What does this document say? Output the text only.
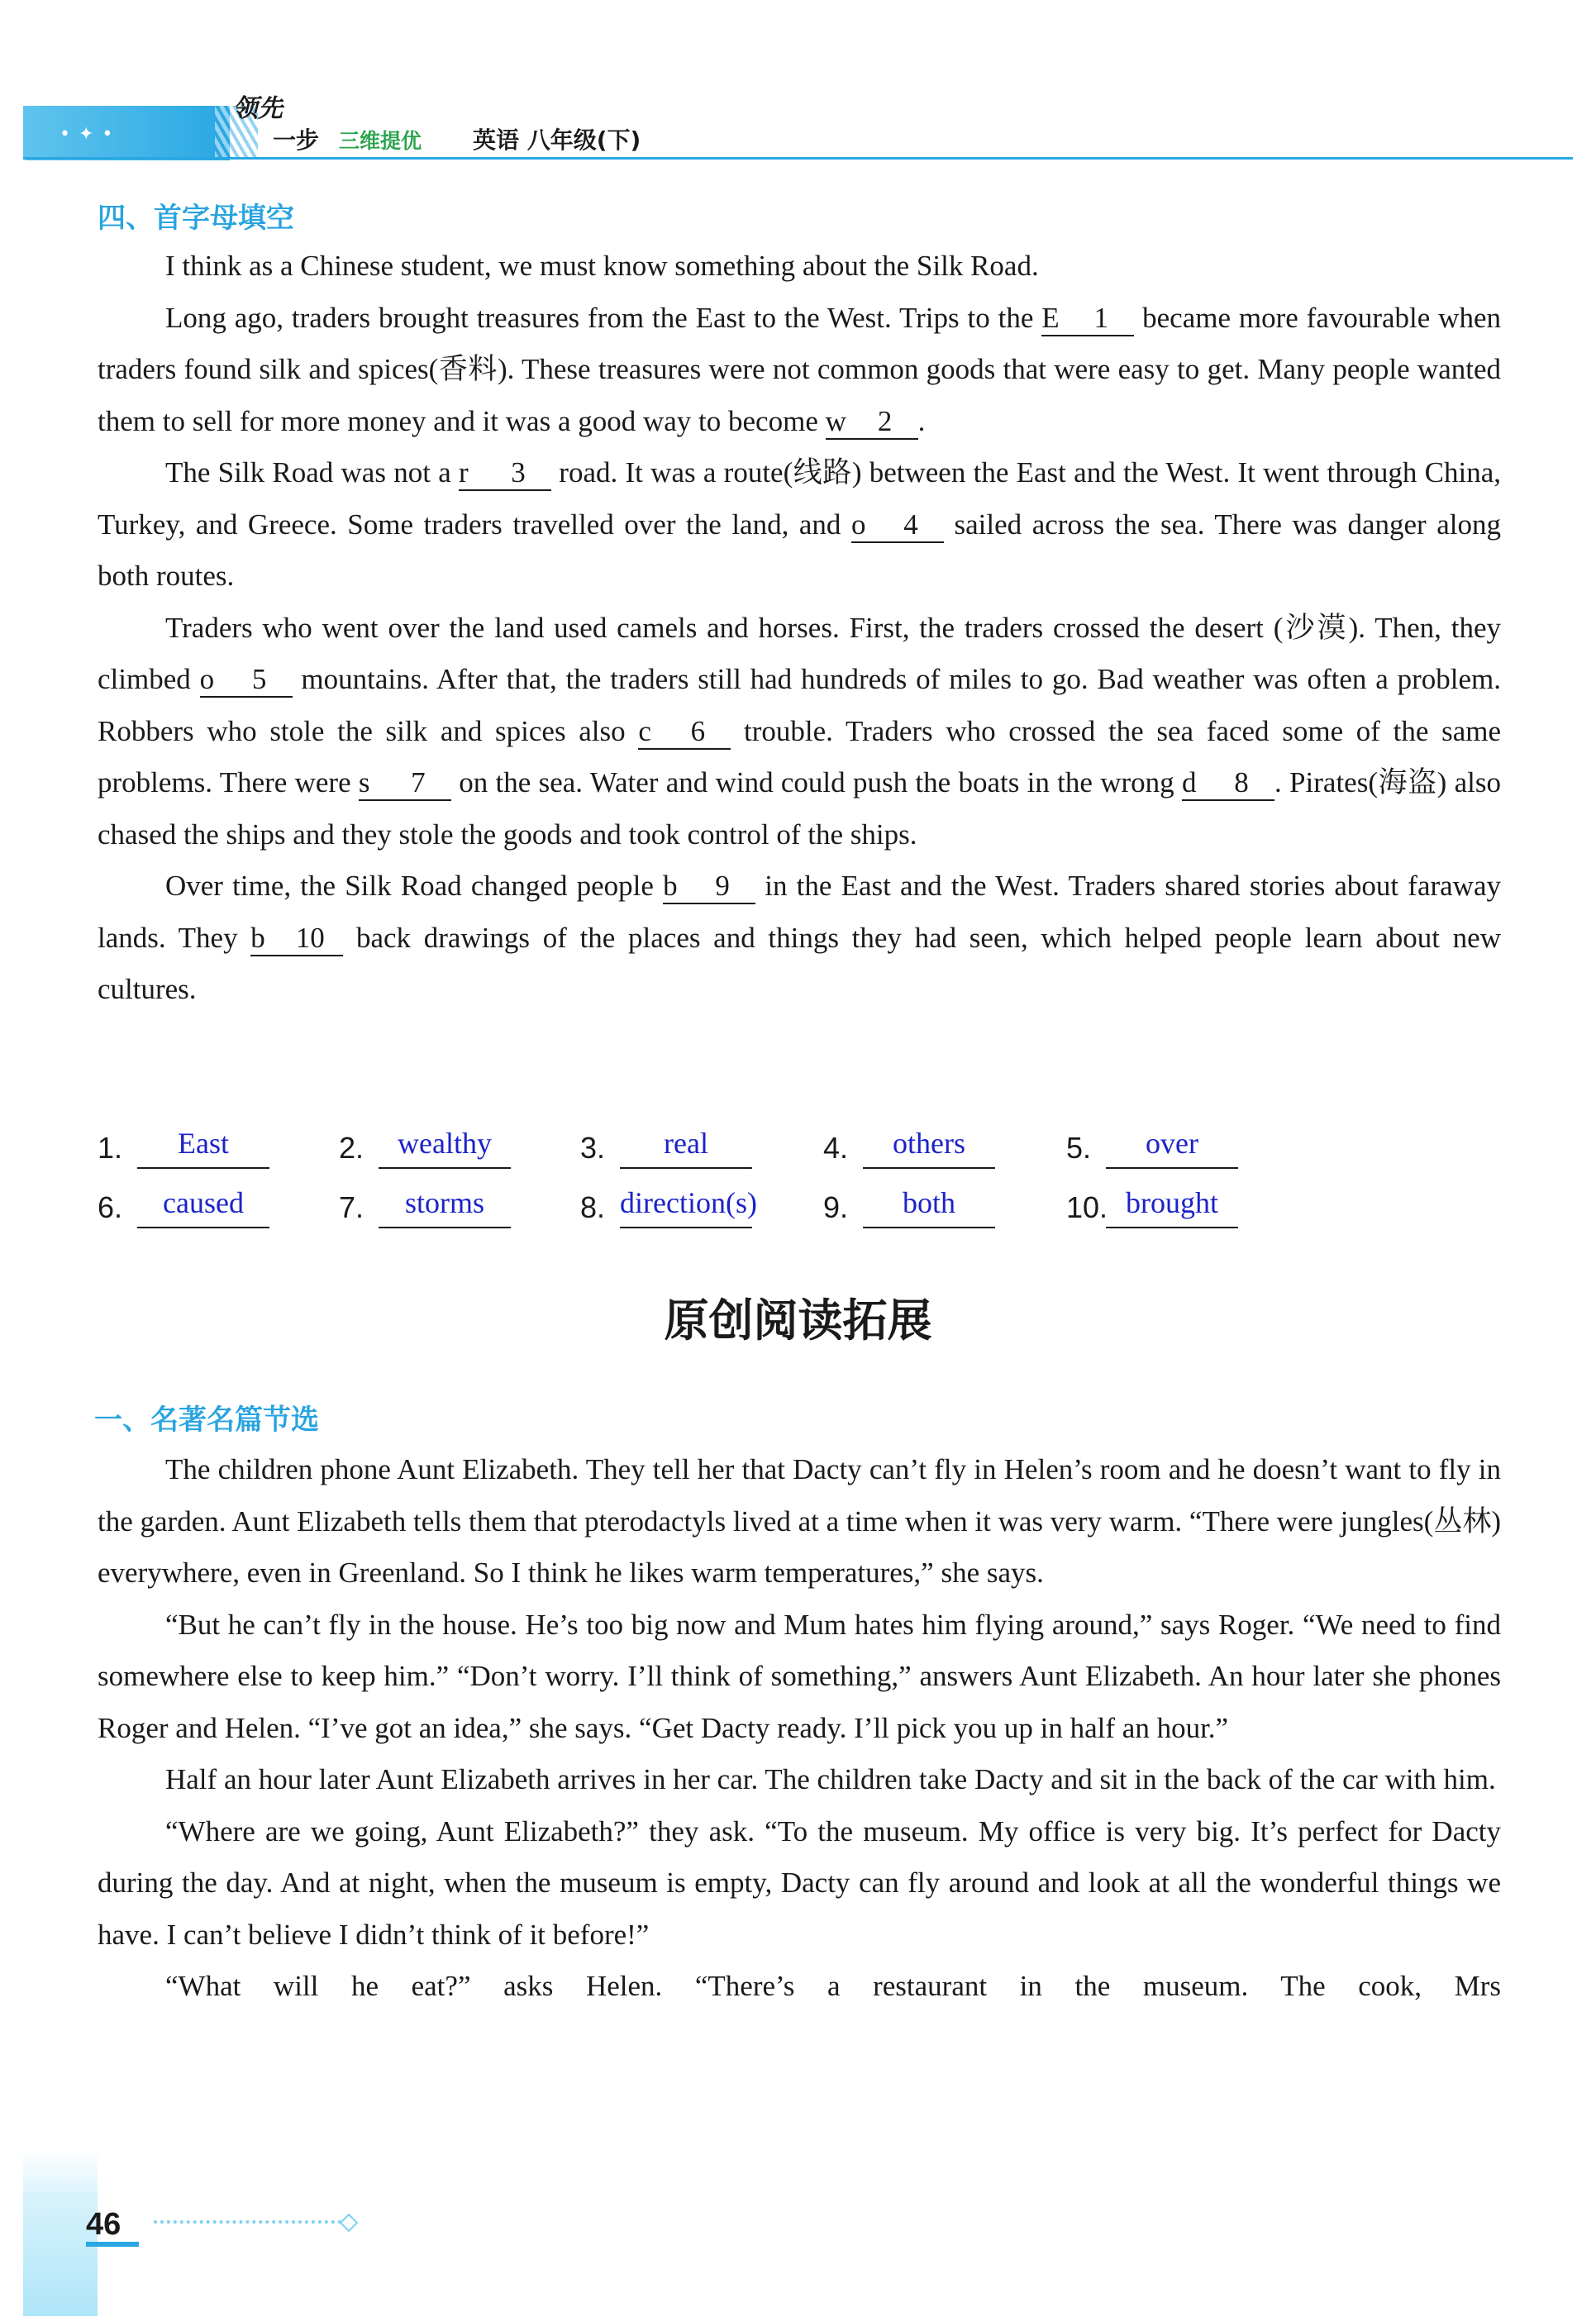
•✦•
领先
一步 三维提优 英语 八年级(下)
四、首字母填空

I think as a Chinese student, we must know something about the Silk Road.

Long ago, traders brought treasures from the East to the West. Trips to the E 1 became more favourable when traders found silk and spices(香料). These treasures were not common goods that were easy to get. Many people wanted them to sell for more money and it was a good way to become w 2 .

The Silk Road was not a r 3 road. It was a route(线路) between the East and the West. It went through China, Turkey, and Greece. Some traders travelled over the land, and o 4 sailed across the sea. There was danger along both routes.

Traders who went over the land used camels and horses. First, the traders crossed the desert (沙漠). Then, they climbed o 5 mountains. After that, the traders still had hundreds of miles to go. Bad weather was often a problem. Robbers who stole the silk and spices also c 6 trouble. Traders who crossed the sea faced some of the same problems. There were s 7 on the sea. Water and wind could push the boats in the wrong d 8 . Pirates(海盗) also chased the ships and they stole the goods and took control of the ships.

Over time, the Silk Road changed people b 9 in the East and the West. Traders shared stories about faraway lands. They b 10 back drawings of the places and things they had seen, which helped people learn about new cultures.

1.	East	2.	wealthy	3.	real	4.	others	5.	over
6.	caused	7.	storms	8. direction(s) 9.	both	10. brought
原创阅读拓展
一、名著名篇节选

The children phone Aunt Elizabeth. They tell her that Dacty can’t fly in Helen’s room and he doesn’t want to fly in the garden. Aunt Elizabeth tells them that pterodactyls lived at a time when it was very warm. “There were jungles(丛林) everywhere, even in Greenland. So I think he likes warm temperatures,” she says.

“But he can’t fly in the house. He’s too big now and Mum hates him flying around,” says Roger. “We need to find somewhere else to keep him.” “Don’t worry. I’ll think of something,” answers Aunt Elizabeth. An hour later she phones Roger and Helen. “I’ve got an idea,” she says. “Get Dacty ready. I’ll pick you up in half an hour.”

Half an hour later Aunt Elizabeth arrives in her car. The children take Dacty and sit in the back of the car with him.

“Where are we going, Aunt Elizabeth?” they ask. “To the museum. My office is very big. It’s perfect for Dacty during the day. And at night, when the museum is empty, Dacty can fly around and look at all the wonderful things we have. I can’t believe I didn’t think of it before!”

“What will he eat?” asks Helen. “There’s a restaurant in the museum. The cook, Mrs

46
